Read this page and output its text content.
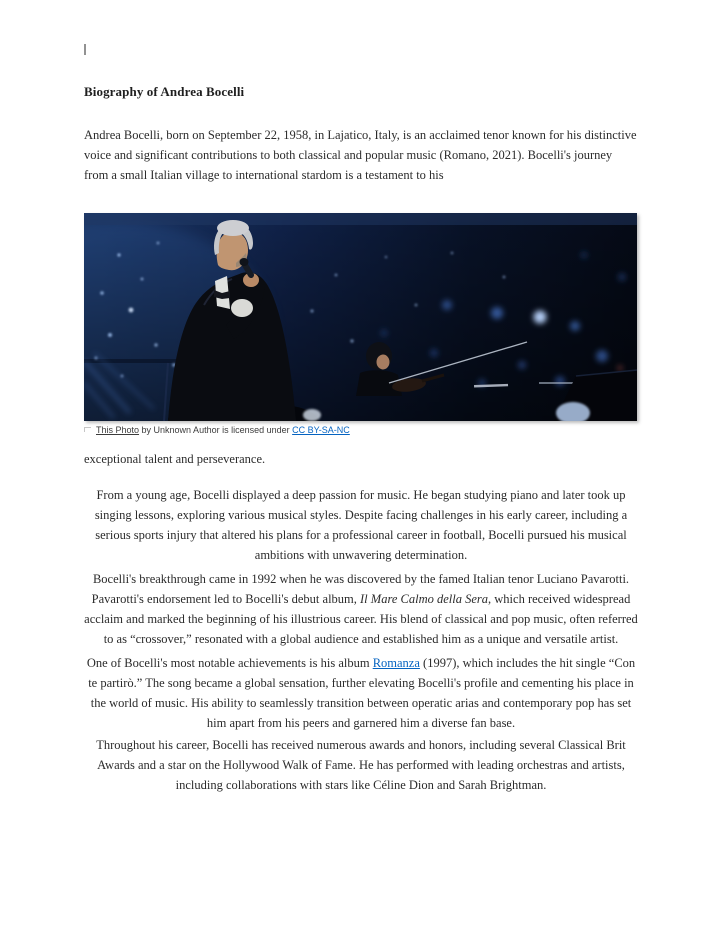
Biography of Andrea Bocelli

Andrea Bocelli, born on September 22, 1958, in Lajatico, Italy, is an acclaimed tenor known for his distinctive voice and significant contributions to both classical and popular music (Romano, 2021). Bocelli's journey from a small Italian village to international stardom is a testament to his

This Photo by Unknown Author is licensed under CC BY-SA-NC

exceptional talent and perseverance.

From a young age, Bocelli displayed a deep passion for music. He began studying piano and later took up singing lessons, exploring various musical styles. Despite facing challenges in his early career, including a serious sports injury that altered his plans for a professional career in football, Bocelli pursued his musical ambitions with unwavering determination.

Bocelli's breakthrough came in 1992 when he was discovered by the famed Italian tenor Luciano Pavarotti. Pavarotti's endorsement led to Bocelli's debut album, Il Mare Calmo della Sera, which received widespread acclaim and marked the beginning of his illustrious career. His blend of classical and pop music, often referred to as “crossover,” resonated with a global audience and established him as a unique and versatile artist.

One of Bocelli's most notable achievements is his album Romanza (1997), which includes the hit single “Con te partirò.” The song became a global sensation, further elevating Bocelli's profile and cementing his place in the world of music. His ability to seamlessly transition between operatic arias and contemporary pop has set him apart from his peers and garnered him a diverse fan base.

Throughout his career, Bocelli has received numerous awards and honors, including several Classical Brit Awards and a star on the Hollywood Walk of Fame. He has performed with leading orchestras and artists, including collaborations with stars like Céline Dion and Sarah Brightman.
